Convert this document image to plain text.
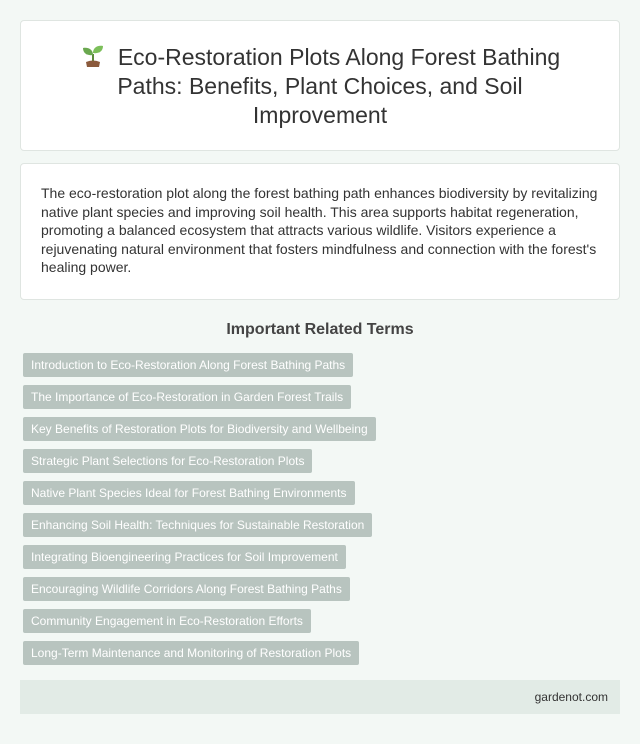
Eco-Restoration Plots Along Forest Bathing Paths: Benefits, Plant Choices, and Soil Improvement

The eco-restoration plot along the forest bathing path enhances biodiversity by revitalizing native plant species and improving soil health. This area supports habitat regeneration, promoting a balanced ecosystem that attracts various wildlife. Visitors experience a rejuvenating natural environment that fosters mindfulness and connection with the forest's healing power.

Important Related Terms
Introduction to Eco-Restoration Along Forest Bathing Paths
The Importance of Eco-Restoration in Garden Forest Trails
Key Benefits of Restoration Plots for Biodiversity and Wellbeing
Strategic Plant Selections for Eco-Restoration Plots
Native Plant Species Ideal for Forest Bathing Environments
Enhancing Soil Health: Techniques for Sustainable Restoration
Integrating Bioengineering Practices for Soil Improvement
Encouraging Wildlife Corridors Along Forest Bathing Paths
Community Engagement in Eco-Restoration Efforts
Long-Term Maintenance and Monitoring of Restoration Plots
gardenot.com
